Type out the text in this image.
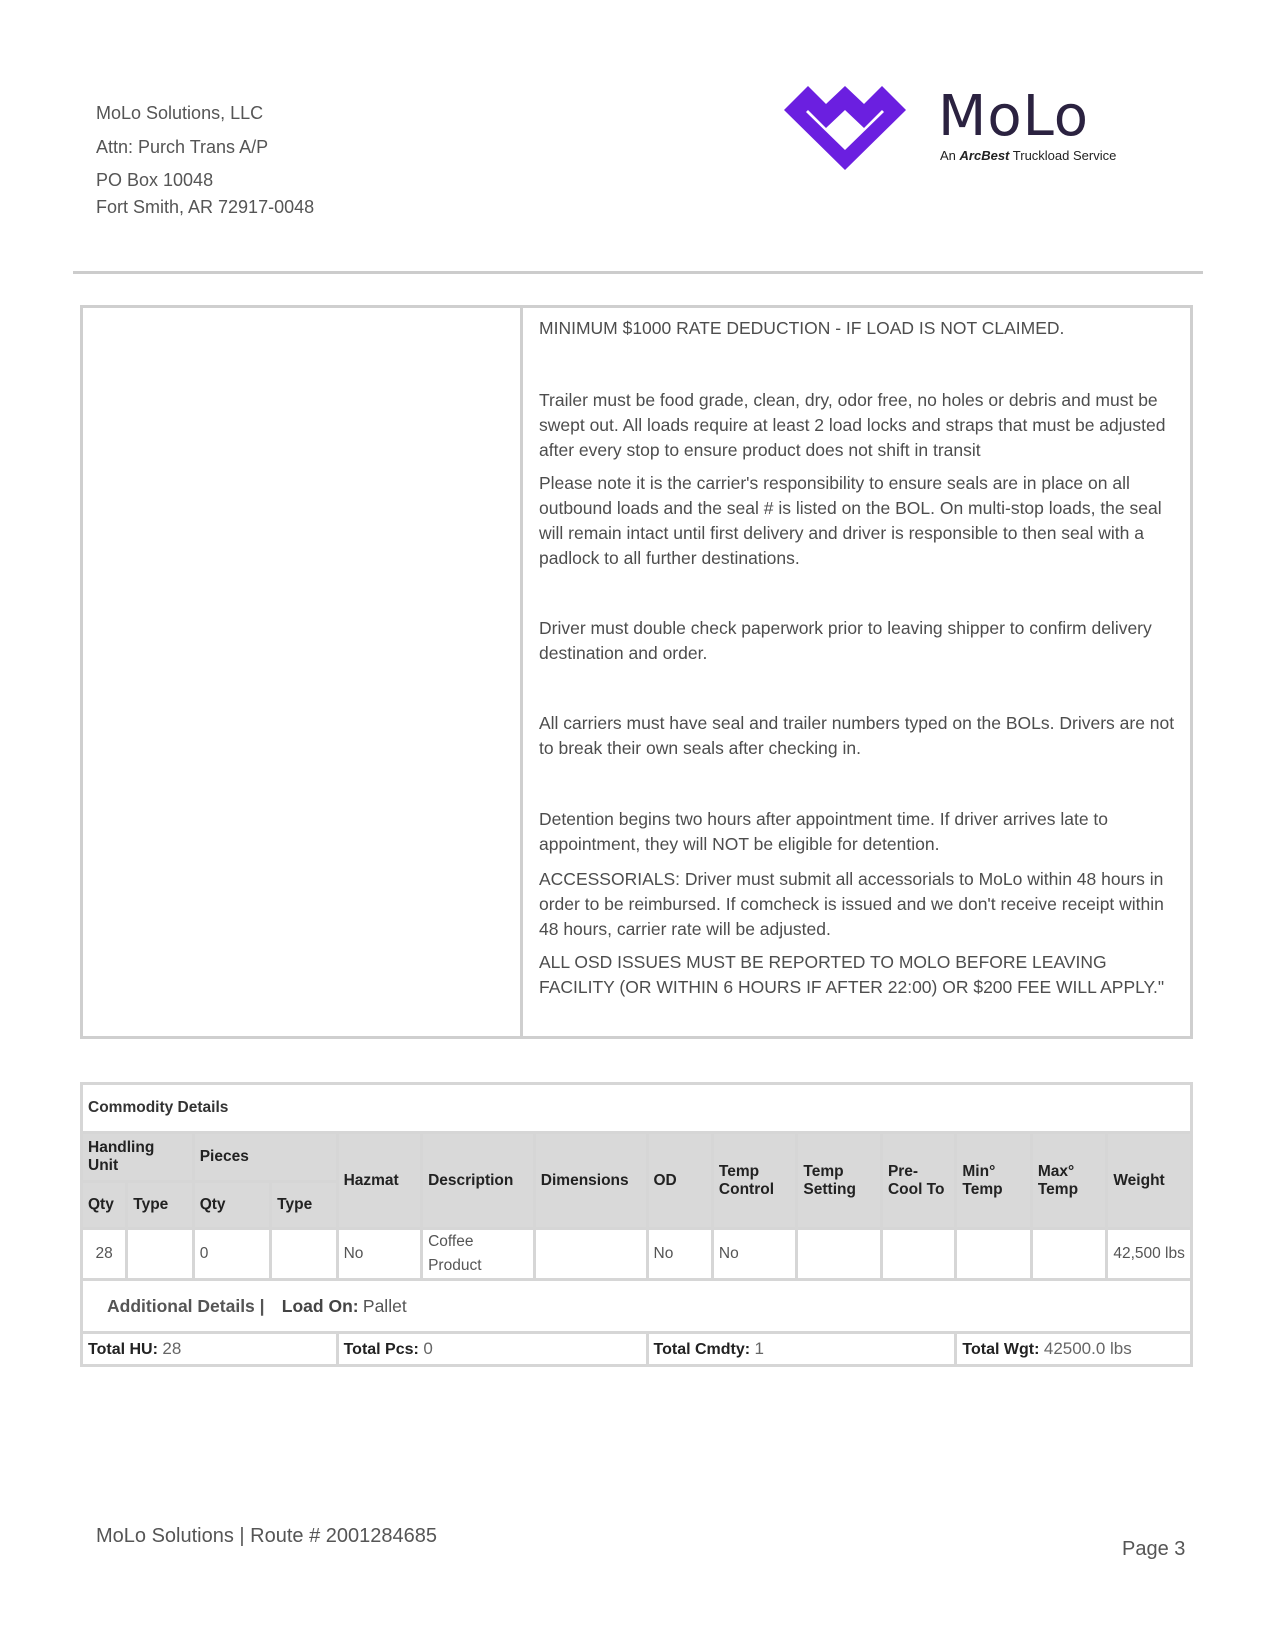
MoLo Solutions, LLC
Attn: Purch Trans A/P
PO Box 10048
Fort Smith, AR 72917-0048
MoLo
An ArcBest Truckload Service

MINIMUM $1000 RATE DEDUCTION - IF LOAD IS NOT CLAIMED.

Trailer must be food grade, clean, dry, odor free, no holes or debris and must be swept out. All loads require at least 2 load locks and straps that must be adjusted after every stop to ensure product does not shift in transit

Please note it is the carrier's responsibility to ensure seals are in place on all outbound loads and the seal # is listed on the BOL. On multi-stop loads, the seal will remain intact until first delivery and driver is responsible to then seal with a padlock to all further destinations.

Driver must double check paperwork prior to leaving shipper to confirm delivery destination and order.

All carriers must have seal and trailer numbers typed on the BOLs. Drivers are not to break their own seals after checking in.

Detention begins two hours after appointment time. If driver arrives late to appointment, they will NOT be eligible for detention.

ACCESSORIALS: Driver must submit all accessorials to MoLo within 48 hours in order to be reimbursed. If comcheck is issued and we don't receive receipt within 48 hours, carrier rate will be adjusted.

ALL OSD ISSUES MUST BE REPORTED TO MOLO BEFORE LEAVING FACILITY (OR WITHIN 6 HOURS IF AFTER 22:00) OR $200 FEE WILL APPLY."

Commodity Details													
Handling Unit		Pieces		Hazmat	Description	Dimensions	OD	Temp Control	Temp Setting	Pre-Cool To	Min° Temp	Max° Temp	Weight
Qty	Type	Qty	Type										
28		0		No	Coffee Product		No	No					42,500 lbs
Additional Details | Load On: Pallet													
Total HU: 28				Total Pcs: 0			Total Cmdty: 1				Total Wgt: 42500.0 lbs		
MoLo Solutions | Route # 2001284685
Page 3
